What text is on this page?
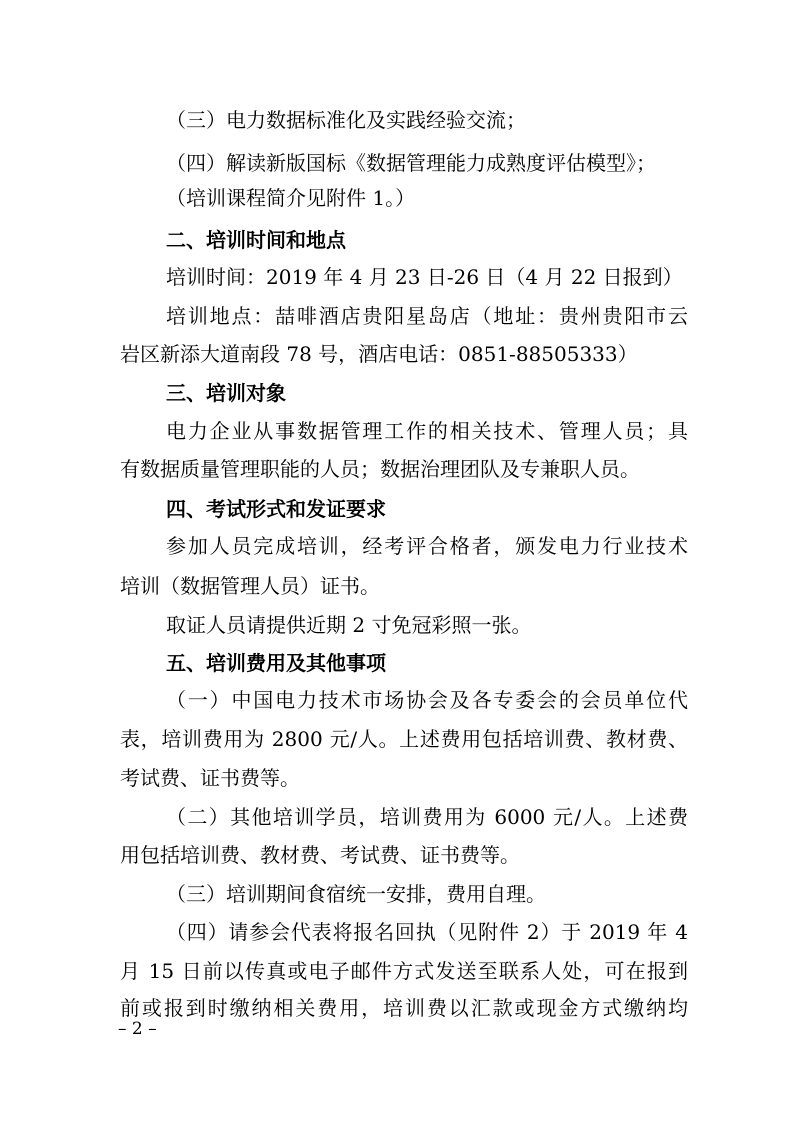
（三）电力数据标准化及实践经验交流；
（四）解读新版国标《数据管理能力成熟度评估模型》；
（培训课程简介见附件 1。）
二、培训时间和地点
培训时间：2019 年 4 月 23 日-26 日（4 月 22 日报到）
培训地点：喆啡酒店贵阳星岛店（地址：贵州贵阳市云
岩区新添大道南段 78 号，酒店电话：0851-88505333）
三、培训对象
电力企业从事数据管理工作的相关技术、管理人员；具
有数据质量管理职能的人员；数据治理团队及专兼职人员。
四、考试形式和发证要求
参加人员完成培训，经考评合格者，颁发电力行业技术
培训（数据管理人员）证书。
取证人员请提供近期 2 寸免冠彩照一张。
五、培训费用及其他事项
（一）中国电力技术市场协会及各专委会的会员单位代
表，培训费用为 2800 元/人。上述费用包括培训费、教材费、
考试费、证书费等。
（二）其他培训学员，培训费用为 6000 元/人。上述费
用包括培训费、教材费、考试费、证书费等。
（三）培训期间食宿统一安排，费用自理。
（四）请参会代表将报名回执（见附件 2）于 2019 年 4
月 15 日前以传真或电子邮件方式发送至联系人处，可在报到
前或报到时缴纳相关费用，培训费以汇款或现金方式缴纳均
– 2 –
